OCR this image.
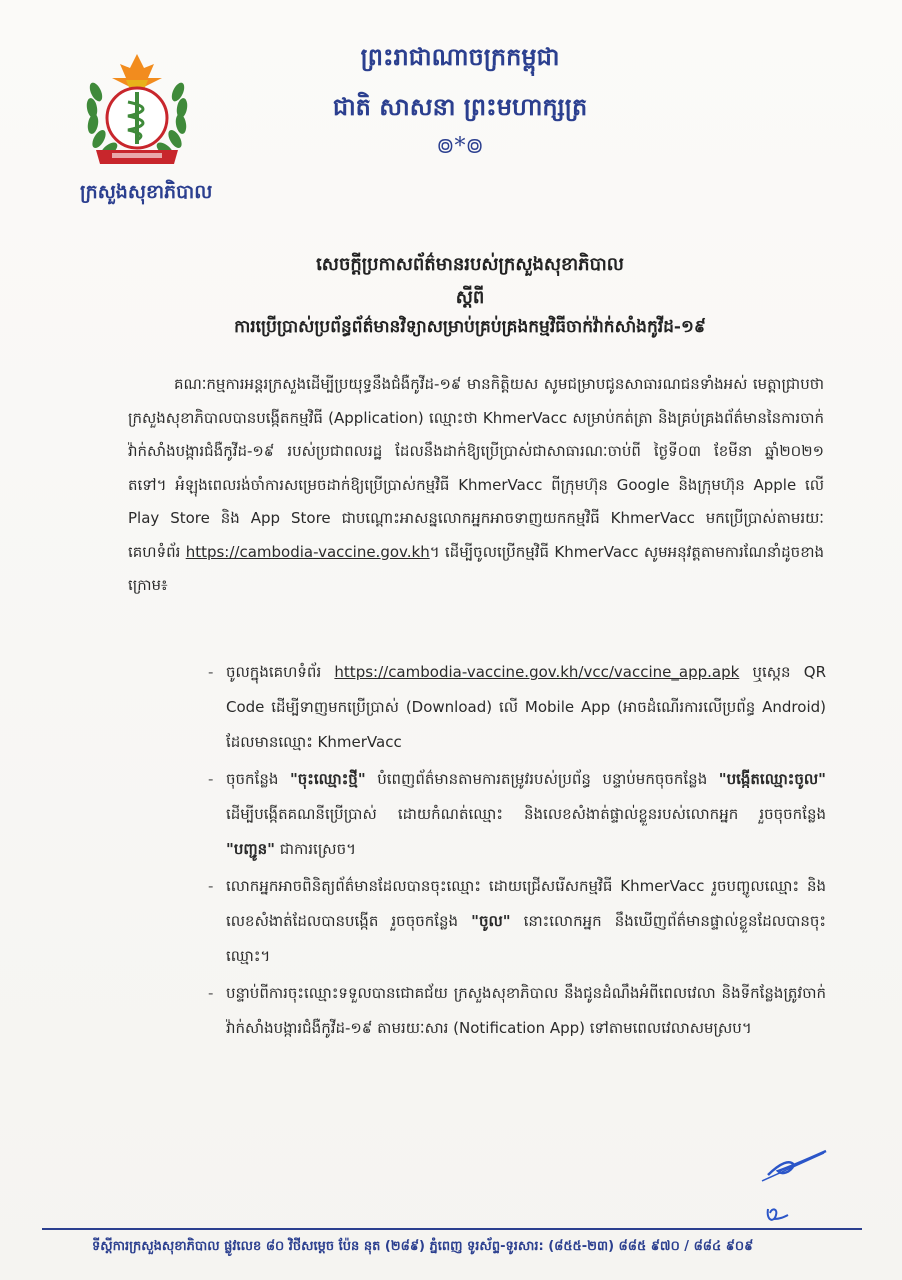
ក្រសួងសុខាភិបាល
ព្រះរាជាណាចក្រកម្ពុជា
ជាតិ សាសនា ព្រះមហាក្សត្រ
៙*៙
សេចក្តីប្រកាសព័ត៌មានរបស់ក្រសួងសុខាភិបាល
ស្តីពី
ការប្រើប្រាស់ប្រព័ន្ធព័ត៌មានវិទ្យាសម្រាប់គ្រប់គ្រងកម្មវិធីចាក់វ៉ាក់សាំងកូវីដ-១៩
គណៈកម្មការអន្តរក្រសួងដើម្បីប្រយុទ្ធនឹងជំងឺកូវីដ-១៩ មានកិត្តិយស សូមជម្រាបជូនសាធារណជនទាំងអស់ មេត្តាជ្រាបថា ក្រសួងសុខាភិបាលបានបង្កើតកម្មវិធី (Application) ឈ្មោះថា KhmerVacc សម្រាប់កត់ត្រា និងគ្រប់គ្រងព័ត៌មាននៃការចាក់វ៉ាក់សាំងបង្ការជំងឺកូវីដ-១៩ របស់ប្រជាពលរដ្ឋ ដែលនឹងដាក់ឱ្យប្រើប្រាស់ជាសាធារណៈចាប់ពី ថ្ងៃទី០៣ ខែមីនា ឆ្នាំ២០២១ តទៅ។ អំឡុងពេលរង់ចាំការសម្រេចដាក់ឱ្យប្រើប្រាស់កម្មវិធី KhmerVacc ពីក្រុមហ៊ុន Google និងក្រុមហ៊ុន Apple លើ Play Store និង App Store ជាបណ្តោះអាសន្នលោកអ្នកអាចទាញយកកម្មវិធី KhmerVacc មកប្រើប្រាស់តាមរយៈគេហទំព័រ https://cambodia-vaccine.gov.kh។ ដើម្បីចូលប្រើកម្មវិធី KhmerVacc សូមអនុវត្តតាមការណែនាំដូចខាងក្រោម៖
- ចូលក្នុងគេហទំព័រ https://cambodia-vaccine.gov.kh/vcc/vaccine_app.apk ឬស្កេន QR Code ដើម្បីទាញមកប្រើប្រាស់ (Download) លើ Mobile App (អាចដំណើរការលើប្រព័ន្ធ Android) ដែលមានឈ្មោះ KhmerVacc
- ចុចកន្លែង "ចុះឈ្មោះថ្មី" បំពេញព័ត៌មានតាមការតម្រូវរបស់ប្រព័ន្ធ បន្ទាប់មកចុចកន្លែង "បង្កើតឈ្មោះចូល" ដើម្បីបង្កើតគណនីប្រើប្រាស់ ដោយកំណត់ឈ្មោះ និងលេខសំងាត់ផ្ទាល់ខ្លួនរបស់លោកអ្នក រួចចុចកន្លែង "បញ្ជូន" ជាការស្រេច។
- លោកអ្នកអាចពិនិត្យព័ត៌មានដែលបានចុះឈ្មោះ ដោយជ្រើសរើសកម្មវិធី KhmerVacc រួចបញ្ចូលឈ្មោះ និងលេខសំងាត់ដែលបានបង្កើត រួចចុចកន្លែង "ចូល" នោះលោកអ្នក នឹងឃើញព័ត៌មានផ្ទាល់ខ្លួនដែលបានចុះឈ្មោះ។
- បន្ទាប់ពីការចុះឈ្មោះទទួលបានជោគជ័យ ក្រសួងសុខាភិបាល នឹងជូនដំណឹងអំពីពេលវេលា និងទីកន្លែងត្រូវចាក់វ៉ាក់សាំងបង្ការជំងឺកូវីដ-១៩ តាមរយៈសារ (Notification App) ទៅតាមពេលវេលាសមស្រប។
ទីស្តីការក្រសួងសុខាភិបាល ផ្លូវលេខ ៨០ វិថីសម្តេច ប៉ែន នុត (២៨៩) ភ្នំពេញ ទូរស័ព្ទ-ទូរសារ: (៨៥៥-២៣) ៨៨៥ ៩៧០ / ៨៨៤ ៩០៩
